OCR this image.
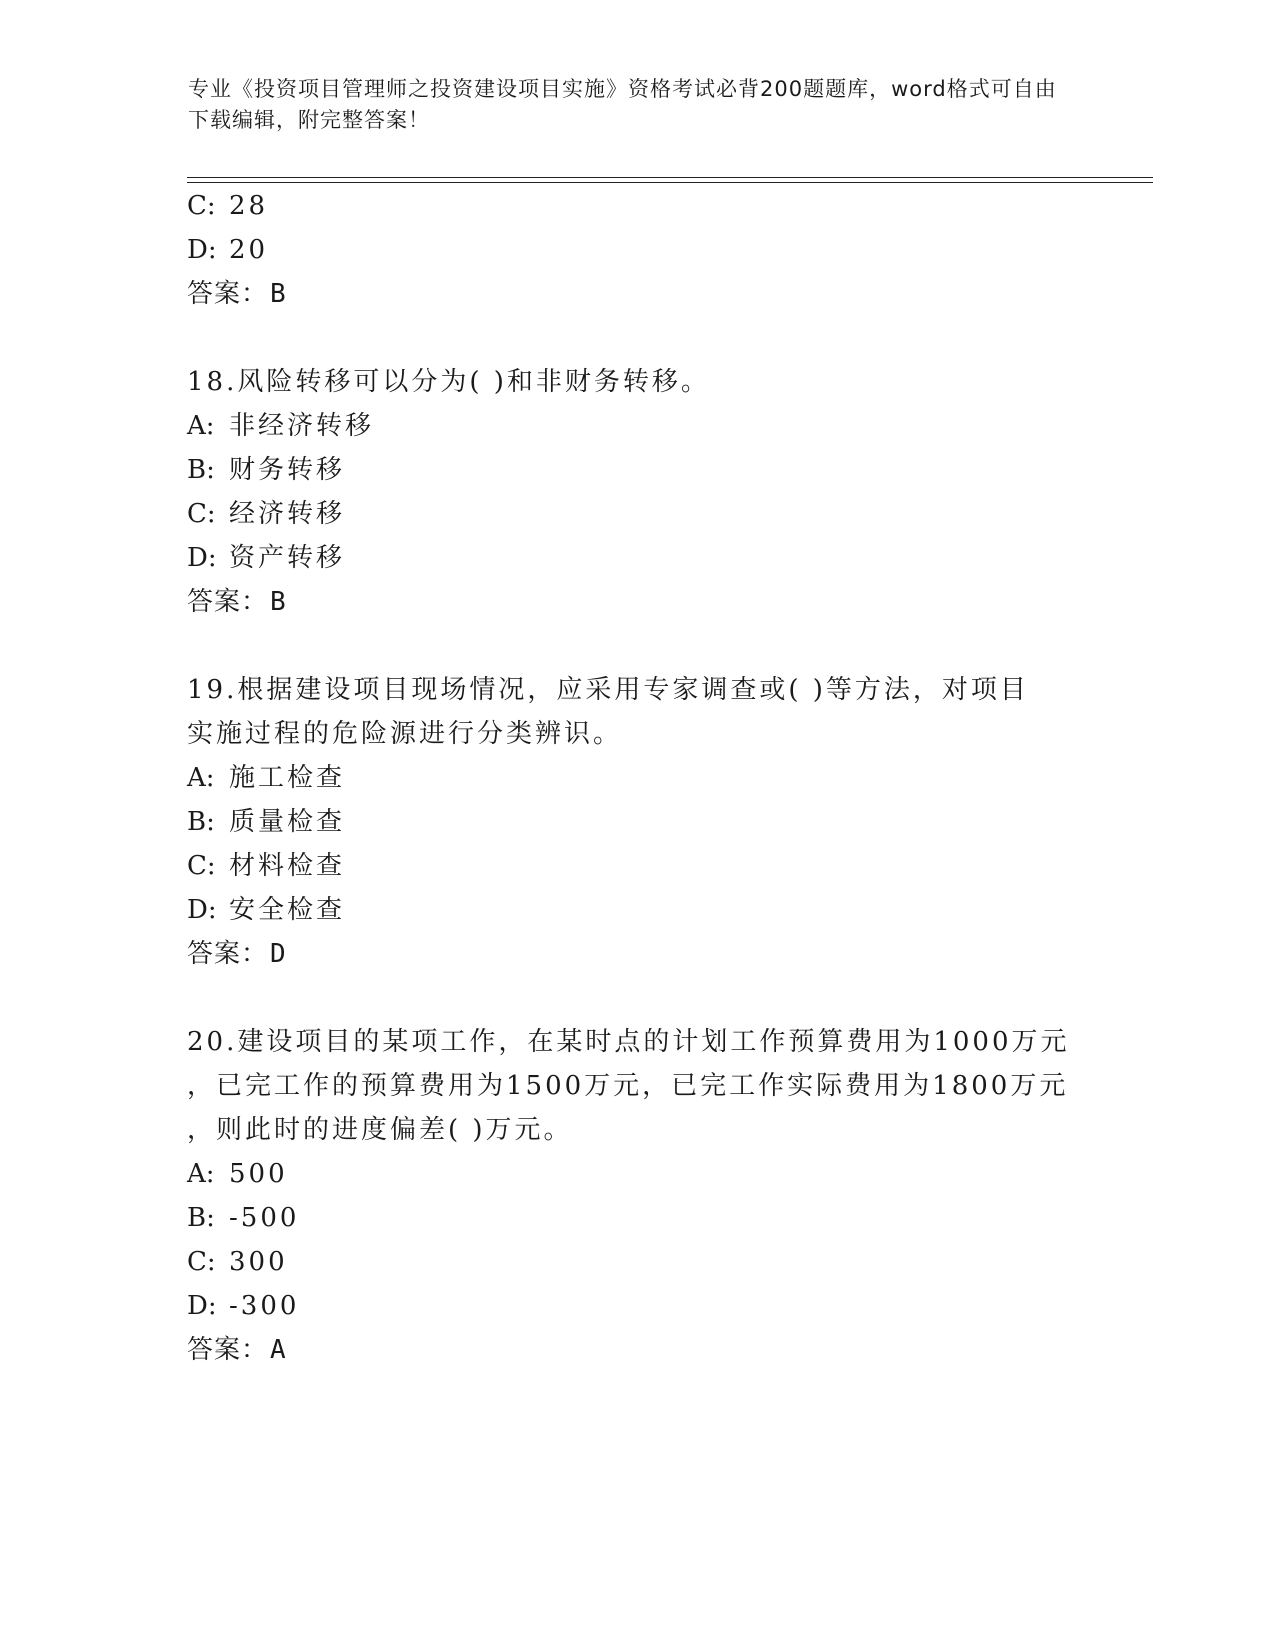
专业《投资项目管理师之投资建设项目实施》资格考试必背200题题库，word格式可自由下载编辑，附完整答案！
C: 28
D: 20
答案：B
18.风险转移可以分为( )和非财务转移。
A: 非经济转移
B: 财务转移
C: 经济转移
D: 资产转移
答案：B
19.根据建设项目现场情况，应采用专家调查或( )等方法，对项目
实施过程的危险源进行分类辨识。
A: 施工检查
B: 质量检查
C: 材料检查
D: 安全检查
答案：D
20.建设项目的某项工作，在某时点的计划工作预算费用为1000万元
，已完工作的预算费用为1500万元，已完工作实际费用为1800万元
，则此时的进度偏差( )万元。
A: 500
B: -500
C: 300
D: -300
答案：A
